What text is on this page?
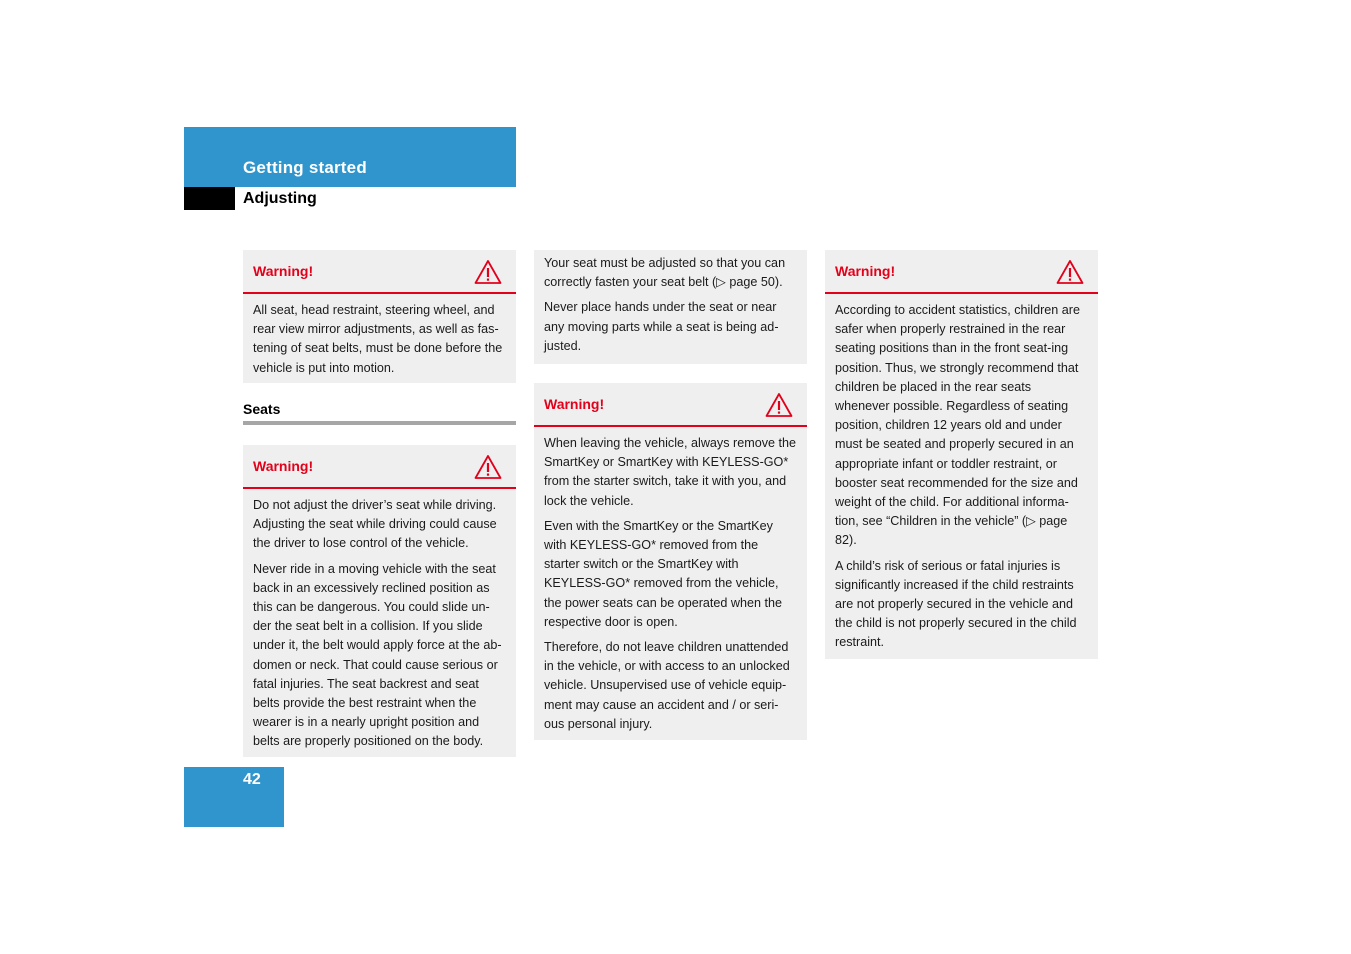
Getting started
Adjusting
Warning!

All seat, head restraint, steering wheel, and rear view mirror adjustments, as well as fas-tening of seat belts, must be done before the vehicle is put into motion.

Seats
Warning!

Do not adjust the driver’s seat while driving. Adjusting the seat while driving could cause the driver to lose control of the vehicle.

Never ride in a moving vehicle with the seat back in an excessively reclined position as this can be dangerous. You could slide un-der the seat belt in a collision. If you slide under it, the belt would apply force at the ab-domen or neck. That could cause serious or fatal injuries. The seat backrest and seat belts provide the best restraint when the wearer is in a nearly upright position and belts are properly positioned on the body.

Your seat must be adjusted so that you can correctly fasten your seat belt (▷ page 50).

Never place hands under the seat or near any moving parts while a seat is being ad-justed.

Warning!

When leaving the vehicle, always remove the SmartKey or SmartKey with KEYLESS-GO* from the starter switch, take it with you, and lock the vehicle.

Even with the SmartKey or the SmartKey with KEYLESS-GO* removed from the starter switch or the SmartKey with KEYLESS-GO* removed from the vehicle, the power seats can be operated when the respective door is open.

Therefore, do not leave children unattended in the vehicle, or with access to an unlocked vehicle. Unsupervised use of vehicle equip-ment may cause an accident and / or seri-ous personal injury.

Warning!

According to accident statistics, children are safer when properly restrained in the rear seating positions than in the front seat-ing position. Thus, we strongly recommend that children be placed in the rear seats whenever possible. Regardless of seating position, children 12 years old and under must be seated and properly secured in an appropriate infant or toddler restraint, or booster seat recommended for the size and weight of the child. For additional informa-tion, see “Children in the vehicle” (▷ page 82).

A child’s risk of serious or fatal injuries is significantly increased if the child restraints are not properly secured in the vehicle and the child is not properly secured in the child restraint.

42
